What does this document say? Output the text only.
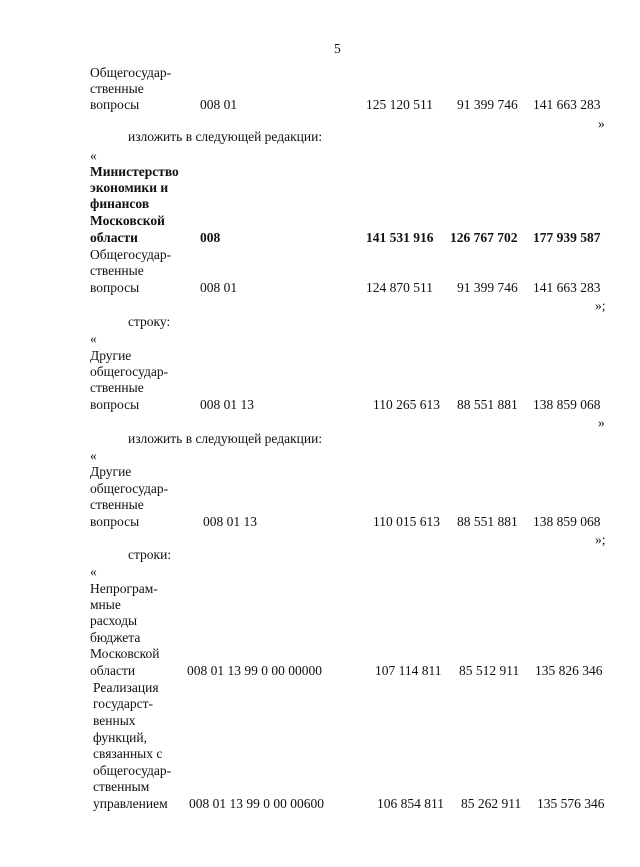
5
Общегосудар-
ственные
вопросы	008 01	125 120 511 91 399 746 141 663 283
»
изложить в следующей редакции:
«
Министерство
экономики и
финансов
Московской
области	008	141 531 916 126 767 702 177 939 587
Общегосудар-
ственные
вопросы	008 01	124 870 511 91 399 746 141 663 283
»;
строку:
«
Другие
общегосудар-
ственные
вопросы	008 01 13	110 265 613 88 551 881 138 859 068
»
изложить в следующей редакции:
«
Другие
общегосудар-
ственные
вопросы	008 01 13	110 015 613 88 551 881 138 859 068
»;
строки:
«
Непрограм-
мные
расходы
бюджета
Московской
области	008 01 13 99 0 00 00000	107 114 811 85 512 911 135 826 346
Реализация
государст-
венных
функций,
связанных с
общегосудар-
ственным
управлением 008 01 13 99 0 00 00600	106 854 811 85 262 911 135 576 346
